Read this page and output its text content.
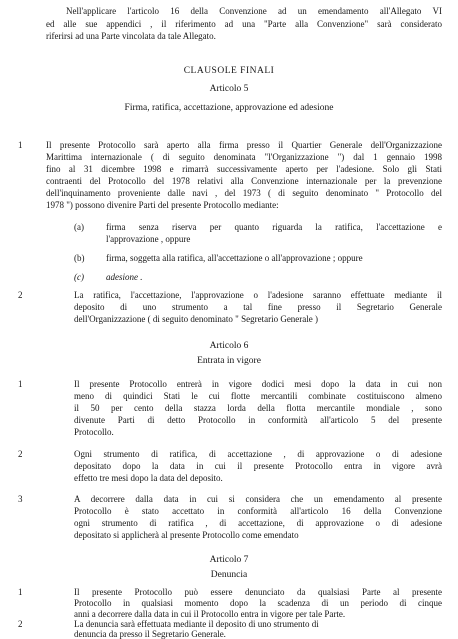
Nell'applicare l'articolo 16 della Convenzione ad un emendamento all'Allegato VI
ed alle sue appendici , il riferimento ad una "Parte alla Convenzione" sarà considerato
riferirsi ad una Parte vincolata da tale Allegato.
CLAUSOLE FINALI
Articolo 5
Firma, ratifica, accettazione, approvazione ed adesione
1	Il presente Protocollo sarà aperto alla firma presso il Quartier Generale dell'Organizzazione
Marittima internazionale ( di seguito denominata "l'Organizzazione ") dal 1 gennaio 1998
fino al 31 dicembre 1998 e rimarrà successivamente aperto per l'adesione. Solo gli Stati
contraenti del Protocollo del 1978 relativi alla Convenzione internazionale per la prevenzione
dell'inquinamento proveniente dalle navi , del 1973 ( di seguito denominato " Protocollo del
1978 ") possono divenire Parti del presente Protocollo mediante:
(a) firma senza riserva per quanto riguarda la ratifica, l'accettazione e
l'approvazione , oppure
(b) firma, soggetta alla ratifica, all'accettazione o all'approvazione ; oppure
(c) adesione .
2	La ratifica, l'accettazione, l'approvazione o l'adesione saranno effettuate mediante il
deposito di uno strumento a tal fine presso il Segretario Generale
dell'Organizzazione ( di seguito denominato " Segretario Generale )
Articolo 6
Entrata in vigore
1	Il presente Protocollo entrerà in vigore dodici mesi dopo la data in cui non
meno di quindici Stati le cui flotte mercantili combinate costituiscono almeno
il 50 per cento della stazza lorda della flotta mercantile mondiale , sono
divenute Parti di detto Protocollo in conformità all'articolo 5 del presente
Protocollo.
2	Ogni strumento di ratifica, di accettazione , di approvazione o di adesione
depositato dopo la data in cui il presente Protocollo entra in vigore avrà
effetto tre mesi dopo la data del deposito.
3	A decorrere dalla data in cui si considera che un emendamento al presente
Protocollo è stato accettato in conformità all'articolo 16 della Convenzione
ogni strumento di ratifica , di accettazione, di approvazione o di adesione
depositato si applicherà al presente Protocollo come emendato
Articolo 7
Denuncia
1	Il presente Protocollo può essere denunciato da qualsiasi Parte al presente
Protocollo in qualsiasi momento dopo la scadenza di un periodo di cinque
anni a decorrere dalla data in cui il Protocollo entra in vigore per tale Parte.
2	La denuncia sarà effettuata mediante il deposito di uno strumento di
denuncia da presso il Segretario Generale.
